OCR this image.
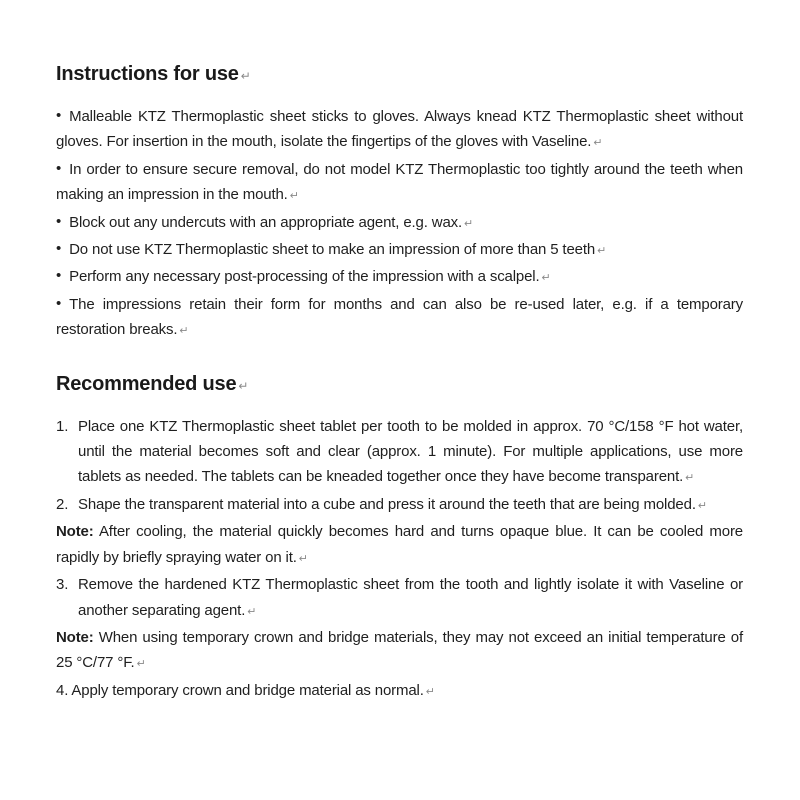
Instructions for use ↵

• Malleable KTZ Thermoplastic sheet sticks to gloves. Always knead KTZ Thermoplastic sheet without gloves. For insertion in the mouth, isolate the fingertips of the gloves with Vaseline. ↵

• In order to ensure secure removal, do not model KTZ Thermoplastic too tightly around the teeth when making an impression in the mouth. ↵

• Block out any undercuts with an appropriate agent, e.g. wax. ↵

• Do not use KTZ Thermoplastic sheet to make an impression of more than 5 teeth ↵

• Perform any necessary post-processing of the impression with a scalpel. ↵

• The impressions retain their form for months and can also be re-used later, e.g. if a temporary restoration breaks. ↵

Recommended use ↵

1. Place one KTZ Thermoplastic sheet tablet per tooth to be molded in approx. 70 °C/158 °F hot water, until the material becomes soft and clear (approx. 1 minute). For multiple applications, use more tablets as needed. The tablets can be kneaded together once they have become transparent. ↵

2. Shape the transparent material into a cube and press it around the teeth that are being molded. ↵

Note: After cooling, the material quickly becomes hard and turns opaque blue. It can be cooled more rapidly by briefly spraying water on it. ↵

3. Remove the hardened KTZ Thermoplastic sheet from the tooth and lightly isolate it with Vaseline or another separating agent. ↵

Note: When using temporary crown and bridge materials, they may not exceed an initial temperature of 25 °C/77 °F. ↵

4. Apply temporary crown and bridge material as normal. ↵
